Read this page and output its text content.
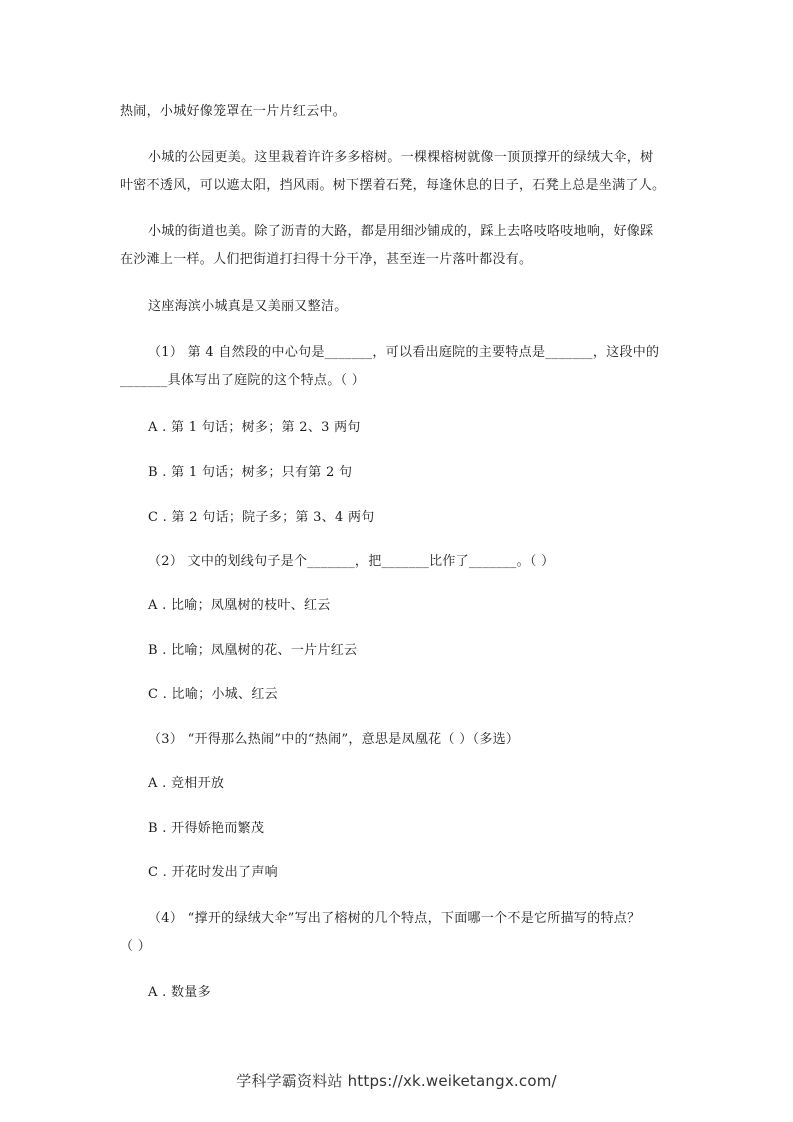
热闹，小城好像笼罩在一片片红云中。
小城的公园更美。这里栽着许许多多榕树。一棵棵榕树就像一顶顶撑开的绿绒大伞，树
叶密不透风，可以遮太阳，挡风雨。树下摆着石凳，每逢休息的日子，石凳上总是坐满了人。
小城的街道也美。除了沥青的大路，都是用细沙铺成的，踩上去咯吱咯吱地响，好像踩
在沙滩上一样。人们把街道打扫得十分干净，甚至连一片落叶都没有。
这座海滨小城真是又美丽又整洁。
（1） 第 4 自然段的中心句是_______，可以看出庭院的主要特点是_______，这段中的
_______具体写出了庭院的这个特点。（ ）
A . 第 1 句话；树多；第 2、3 两句
B . 第 1 句话；树多；只有第 2 句
C . 第 2 句话；院子多；第 3、4 两句
（2） 文中的划线句子是个_______，把_______比作了_______。（ ）
A . 比喻；凤凰树的枝叶、红云
B . 比喻；凤凰树的花、一片片红云
C . 比喻；小城、红云
（3） “开得那么热闹”中的“热闹”，意思是凤凰花（ ）（多选）
A . 竞相开放
B . 开得娇艳而繁茂
C . 开花时发出了声响
（4） “撑开的绿绒大伞”写出了榕树的几个特点，下面哪一个不是它所描写的特点？
（ ）
A . 数量多
学科学霸资料站 https://xk.weiketangx.com/
